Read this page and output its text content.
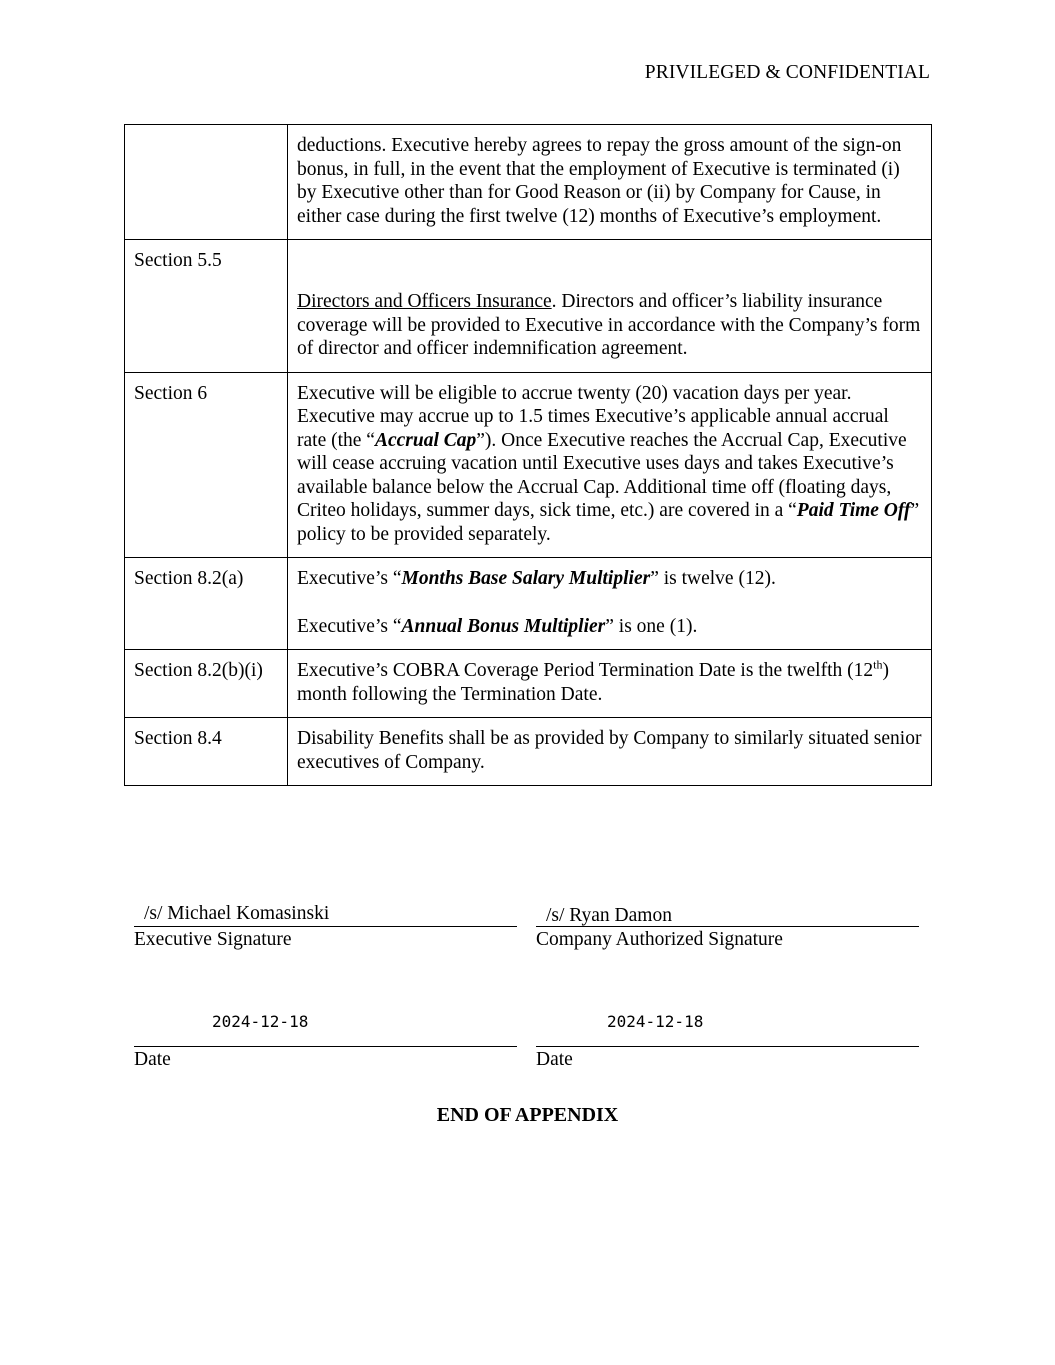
PRIVILEGED & CONFIDENTIAL

	deductions. Executive hereby agrees to repay the gross amount of the sign-on bonus, in full, in the event that the employment of Executive is terminated (i) by Executive other than for Good Reason or (ii) by Company for Cause, in either case during the first twelve (12) months of Executive’s employment.

Section 5.5	Directors and Officers Insurance. Directors and officer’s liability insurance coverage will be provided to Executive in accordance with the Company’s form of director and officer indemnification agreement.

Section 6	Executive will be eligible to accrue twenty (20) vacation days per year. Executive may accrue up to 1.5 times Executive’s applicable annual accrual rate (the “Accrual Cap”). Once Executive reaches the Accrual Cap, Executive will cease accruing vacation until Executive uses days and takes Executive’s available balance below the Accrual Cap. Additional time off (floating days, Criteo holidays, summer days, sick time, etc.) are covered in a “Paid Time Off” policy to be provided separately.

Section 8.2(a)	Executive’s “Months Base Salary Multiplier” is twelve (12).

Executive’s “Annual Bonus Multiplier” is one (1).

Section 8.2(b)(i)	Executive’s COBRA Coverage Period Termination Date is the twelfth (12th) month following the Termination Date.

Section 8.4	Disability Benefits shall be as provided by Company to similarly situated senior executives of Company.

/s/ Michael Komasinski
Executive Signature
/s/ Ryan Damon
Company Authorized Signature
2024-12-18
Date
2024-12-18
Date
END OF APPENDIX
